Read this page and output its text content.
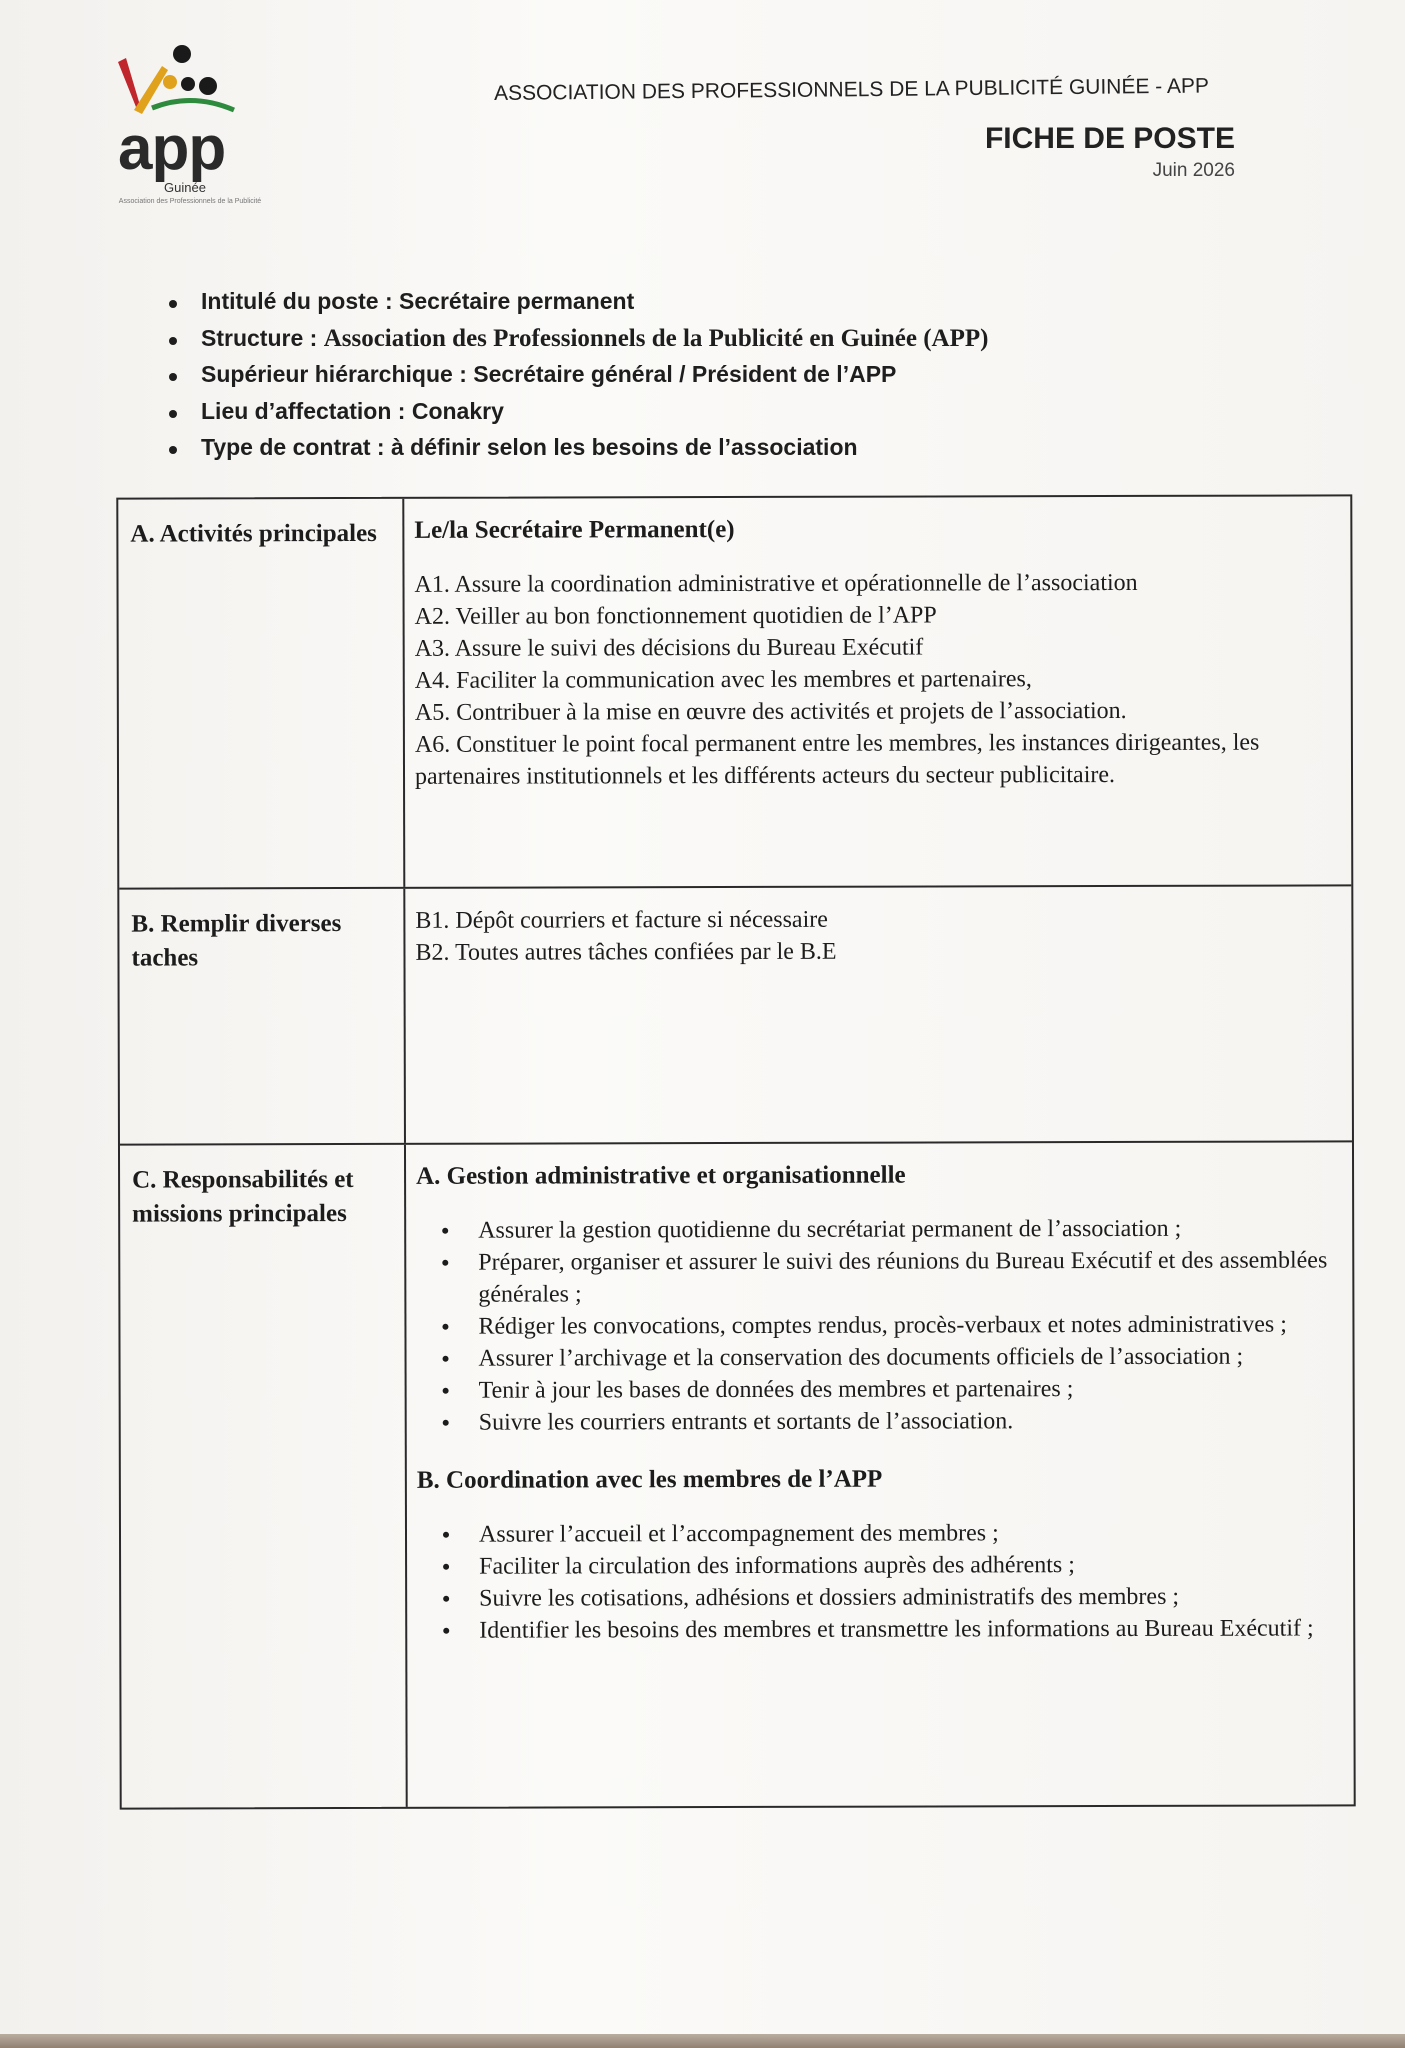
app
Guinée
Association des Professionnels de la Publicité
ASSOCIATION DES PROFESSIONNELS DE LA PUBLICITÉ GUINÉE - APP
FICHE DE POSTE
Juin 2026
Intitulé du poste : Secrétaire permanent
Structure : Association des Professionnels de la Publicité en Guinée (APP)
Supérieur hiérarchique : Secrétaire général / Président de l’APP
Lieu d’affectation : Conakry
Type de contrat : à définir selon les besoins de l’association
A. Activités principales	Le/la Secrétaire Permanent(e)
A1. Assure la coordination administrative et opérationnelle de l’association
A2. Veiller au bon fonctionnement quotidien de l’APP
A3. Assure le suivi des décisions du Bureau Exécutif
A4. Faciliter la communication avec les membres et partenaires,
A5. Contribuer à la mise en œuvre des activités et projets de l’association.
A6. Constituer le point focal permanent entre les membres, les instances dirigeantes, les partenaires institutionnels et les différents acteurs du secteur publicitaire.
B. Remplir diverses taches
B1. Dépôt courriers et facture si nécessaire
B2. Toutes autres tâches confiées par le B.E
C. Responsabilités et missions principales
A. Gestion administrative et organisationnelle
Assurer la gestion quotidienne du secrétariat permanent de l’association ;
Préparer, organiser et assurer le suivi des réunions du Bureau Exécutif et des assemblées générales ;
Rédiger les convocations, comptes rendus, procès-verbaux et notes administratives ;
Assurer l’archivage et la conservation des documents officiels de l’association ;
Tenir à jour les bases de données des membres et partenaires ;
Suivre les courriers entrants et sortants de l’association.
B. Coordination avec les membres de l’APP
Assurer l’accueil et l’accompagnement des membres ;
Faciliter la circulation des informations auprès des adhérents ;
Suivre les cotisations, adhésions et dossiers administratifs des membres ;
Identifier les besoins des membres et transmettre les informations au Bureau Exécutif ;
